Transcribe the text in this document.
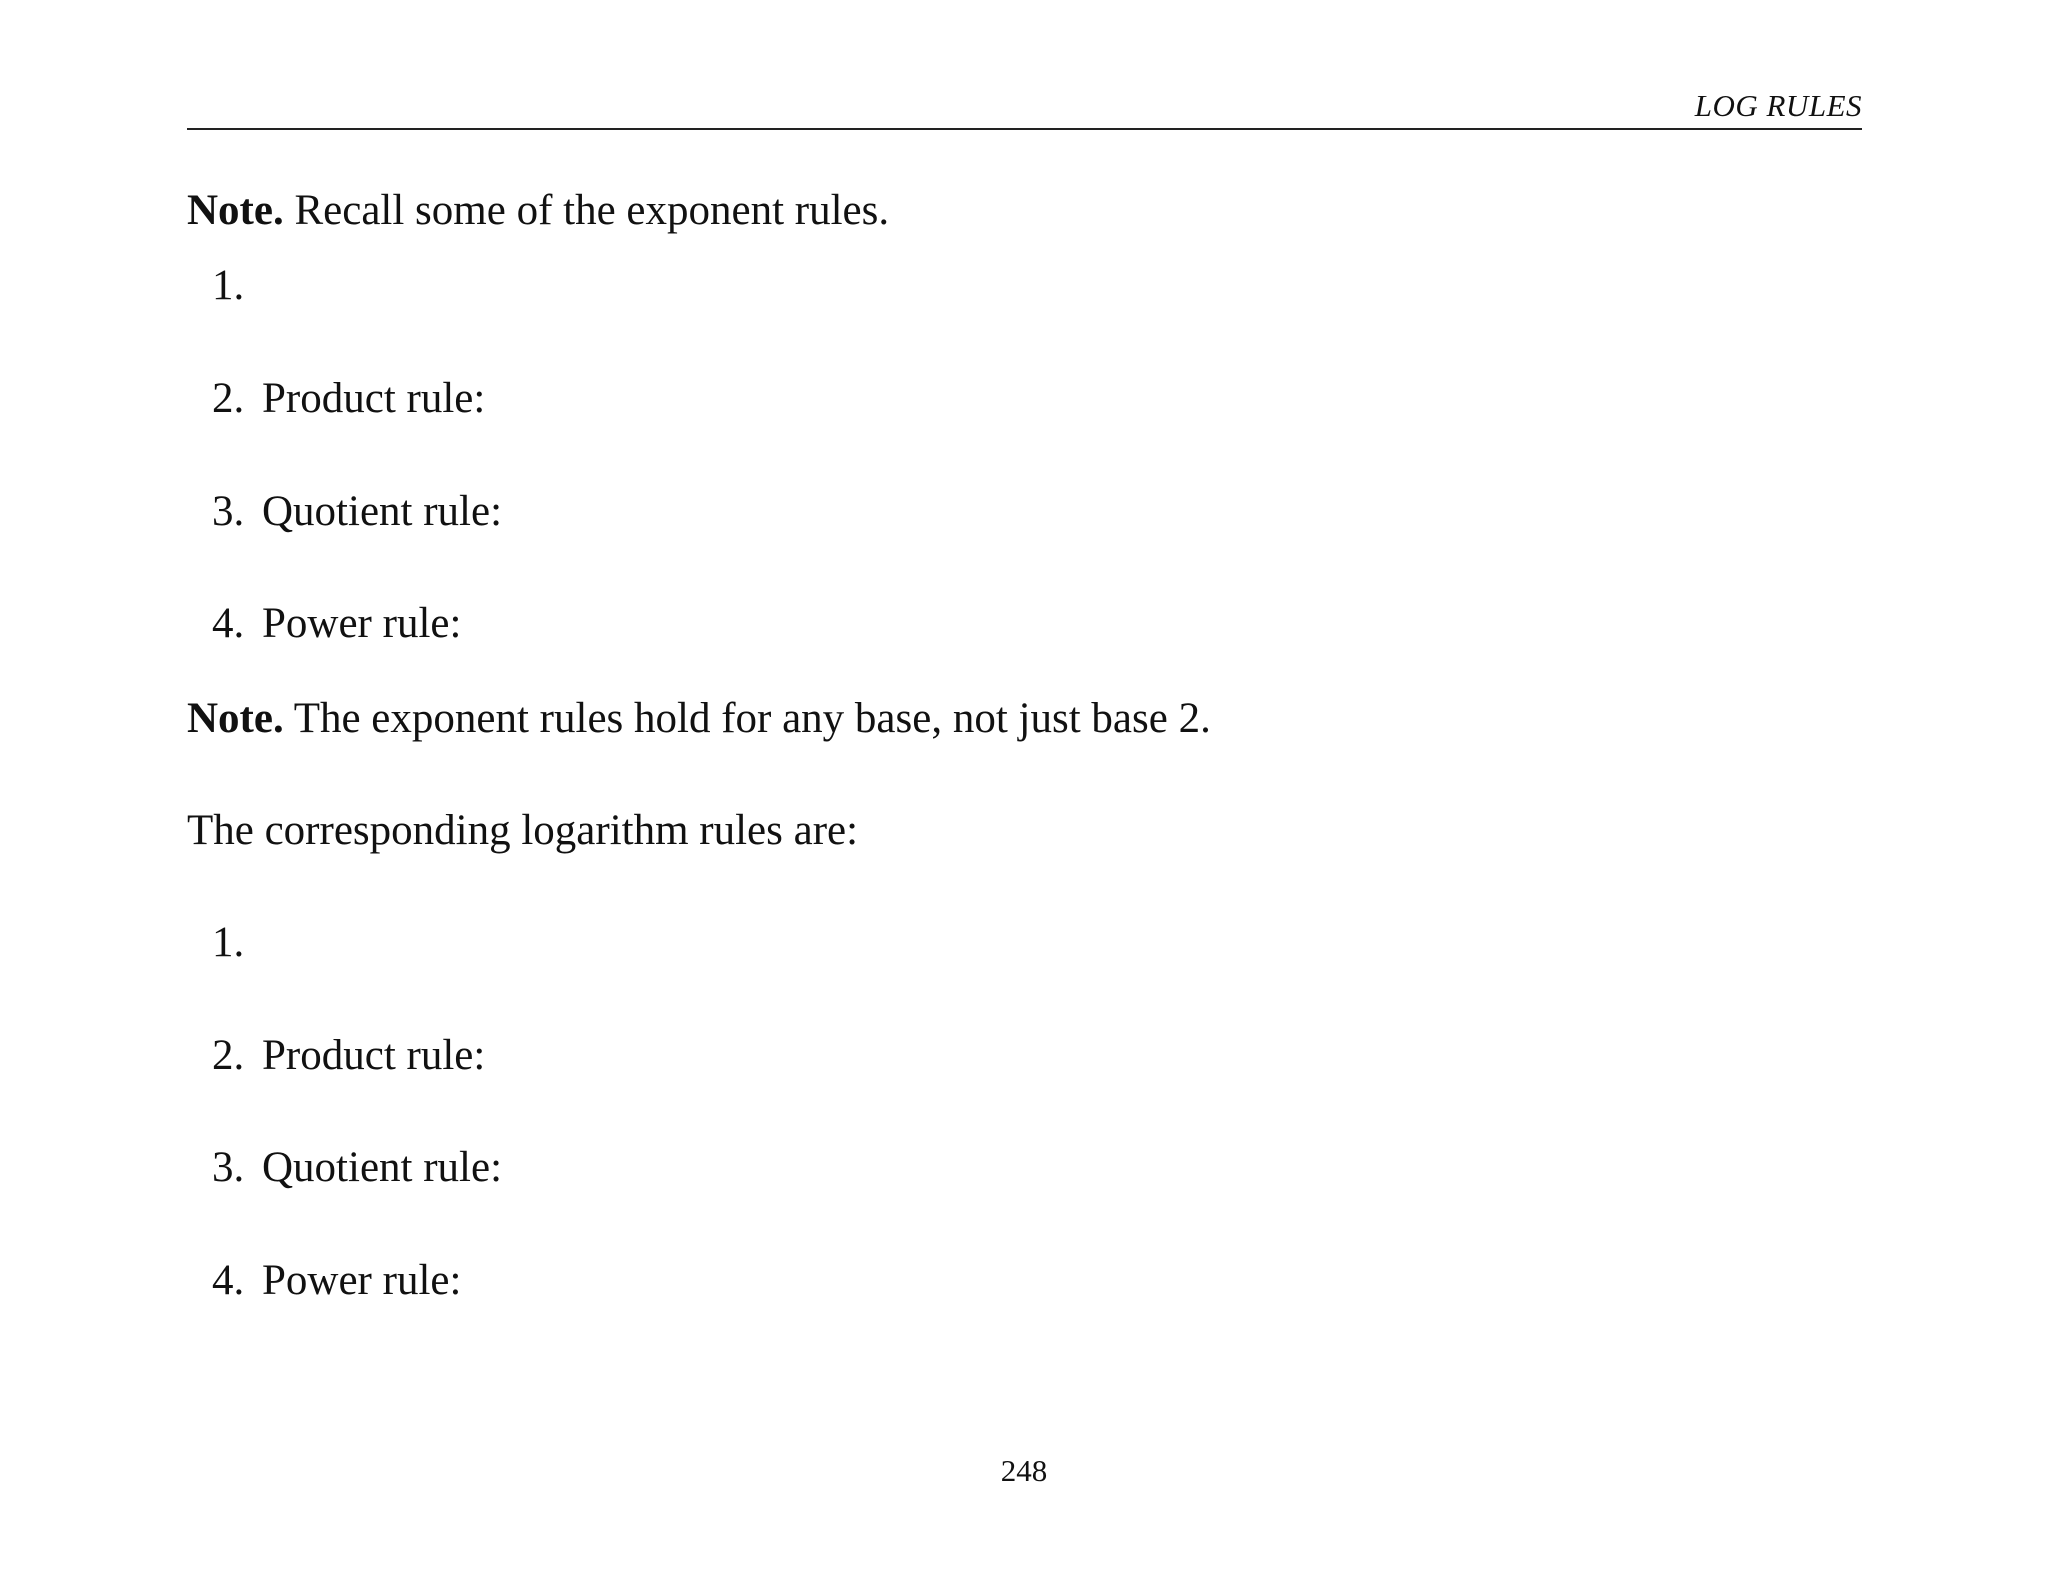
LOG RULES
Note. Recall some of the exponent rules.
1.
2. Product rule:
3. Quotient rule:
4. Power rule:
Note. The exponent rules hold for any base, not just base 2.
The corresponding logarithm rules are:
1.
2. Product rule:
3. Quotient rule:
4. Power rule:
248
